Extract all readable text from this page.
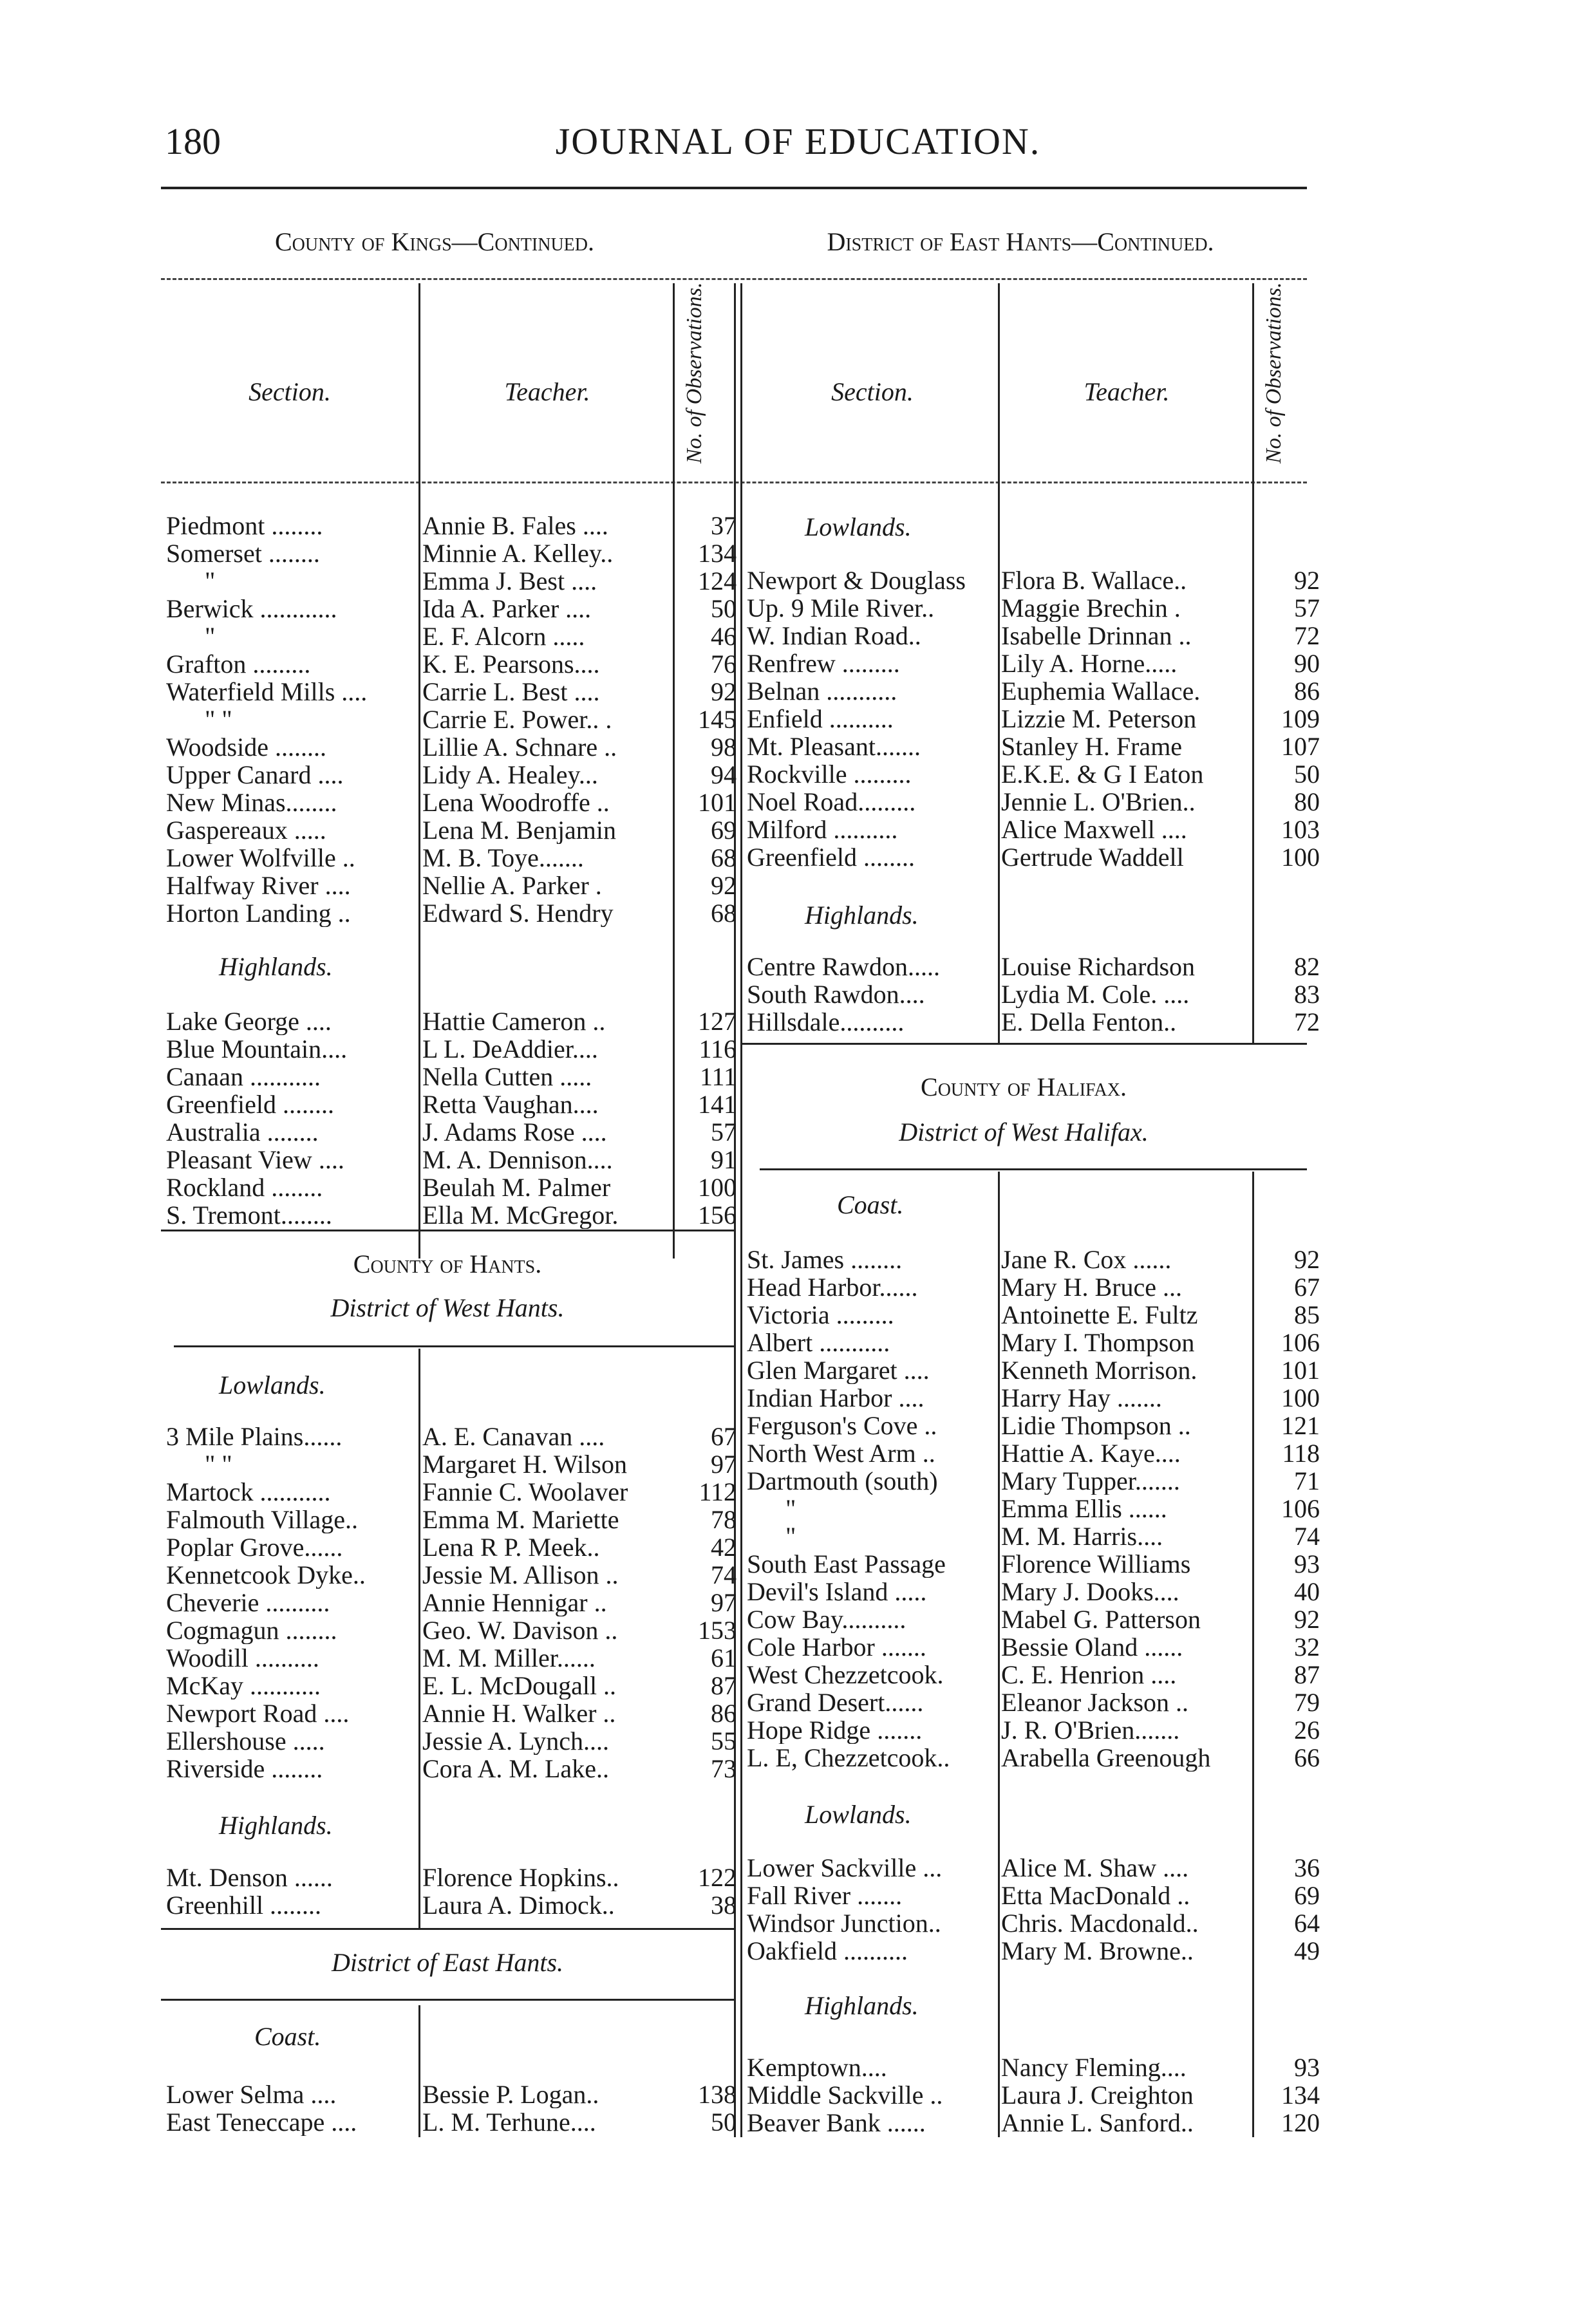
180	JOURNAL OF EDUCATION.
County of Kings—Continued.	District of East Hants—Continued.
Section.	Teacher.	No. of Observations.	Section.	Teacher.	No. of Observations.
Piedmont ........	Annie B. Fales ....	37
Somerset ........	Minnie A. Kelley..	134
"	Emma J. Best ....	124
Berwick ............	Ida A. Parker ....	50
"	E. F. Alcorn .....	46
Grafton .........	K. E. Pearsons....	76
Waterfield Mills ....	Carrie L. Best ....	92
" "	Carrie E. Power.. .	145
Woodside ........	Lillie A. Schnare ..	98
Upper Canard ....	Lidy A. Healey...	94
New Minas........	Lena Woodroffe ..	101
Gaspereaux .....	Lena M. Benjamin	69
Lower Wolfville ..	M. B. Toye.......	68
Halfway River ....	Nellie A. Parker .	92
Horton Landing ..	Edward S. Hendry	68
Highlands.
Lake George ....	Hattie Cameron ..	127
Blue Mountain....	L L. DeAddier....	116
Canaan ...........	Nella Cutten .....	111
Greenfield ........	Retta Vaughan....	141
Australia ........	J. Adams Rose ....	57
Pleasant View ....	M. A. Dennison....	91
Rockland ........	Beulah M. Palmer	100
S. Tremont........	Ella M. McGregor.	156
County of Hants.
District of West Hants.
Lowlands.
3 Mile Plains......	A. E. Canavan ....	67
" "	Margaret H. Wilson	97
Martock ...........	Fannie C. Woolaver	112
Falmouth Village..	Emma M. Mariette	78
Poplar Grove......	Lena R P. Meek..	42
Kennetcook Dyke..	Jessie M. Allison ..	74
Cheverie ..........	Annie Hennigar ..	97
Cogmagun ........	Geo. W. Davison ..	153
Woodill ..........	M. M. Miller......	61
McKay ...........	E. L. McDougall ..	87
Newport Road ....	Annie H. Walker ..	86
Ellershouse .....	Jessie A. Lynch....	55
Riverside ........	Cora A. M. Lake..	73
Highlands.
Mt. Denson ......	Florence Hopkins..	122
Greenhill ........	Laura A. Dimock..	38
District of East Hants.
Coast.
Lower Selma ....	Bessie P. Logan..	138
East Teneccape ....	L. M. Terhune....	50
Lowlands.
Newport & Douglass	Flora B. Wallace..	92
Up. 9 Mile River..	Maggie Brechin .	57
W. Indian Road..	Isabelle Drinnan ..	72
Renfrew .........	Lily A. Horne.....	90
Belnan ...........	Euphemia Wallace.	86
Enfield ..........	Lizzie M. Peterson	109
Mt. Pleasant.......	Stanley H. Frame	107
Rockville .........	E.K.E. & G I Eaton	50
Noel Road.........	Jennie L. O'Brien..	80
Milford ..........	Alice Maxwell ....	103
Greenfield ........	Gertrude Waddell	100
Highlands.
Centre Rawdon.....	Louise Richardson	82
South Rawdon....	Lydia M. Cole. ....	83
Hillsdale..........	E. Della Fenton..	72
County of Halifax.
District of West Halifax.
Coast.
St. James ........	Jane R. Cox ......	92
Head Harbor......	Mary H. Bruce ...	67
Victoria .........	Antoinette E. Fultz	85
Albert ...........	Mary I. Thompson	106
Glen Margaret ....	Kenneth Morrison.	101
Indian Harbor ....	Harry Hay .......	100
Ferguson's Cove ..	Lidie Thompson ..	121
North West Arm ..	Hattie A. Kaye....	118
Dartmouth (south)	Mary Tupper.......	71
"	Emma Ellis ......	106
"	M. M. Harris....	74
South East Passage	Florence Williams	93
Devil's Island .....	Mary J. Dooks....	40
Cow Bay..........	Mabel G. Patterson	92
Cole Harbor .......	Bessie Oland ......	32
West Chezzetcook.	C. E. Henrion ....	87
Grand Desert......	Eleanor Jackson ..	79
Hope Ridge .......	J. R. O'Brien.......	26
L. E, Chezzetcook..	Arabella Greenough	66
Lowlands.
Lower Sackville ...	Alice M. Shaw ....	36
Fall River .......	Etta MacDonald ..	69
Windsor Junction..	Chris. Macdonald..	64
Oakfield ..........	Mary M. Browne..	49
Highlands.
Kemptown....	Nancy Fleming....	93
Middle Sackville ..	Laura J. Creighton	134
Beaver Bank ......	Annie L. Sanford..	120
